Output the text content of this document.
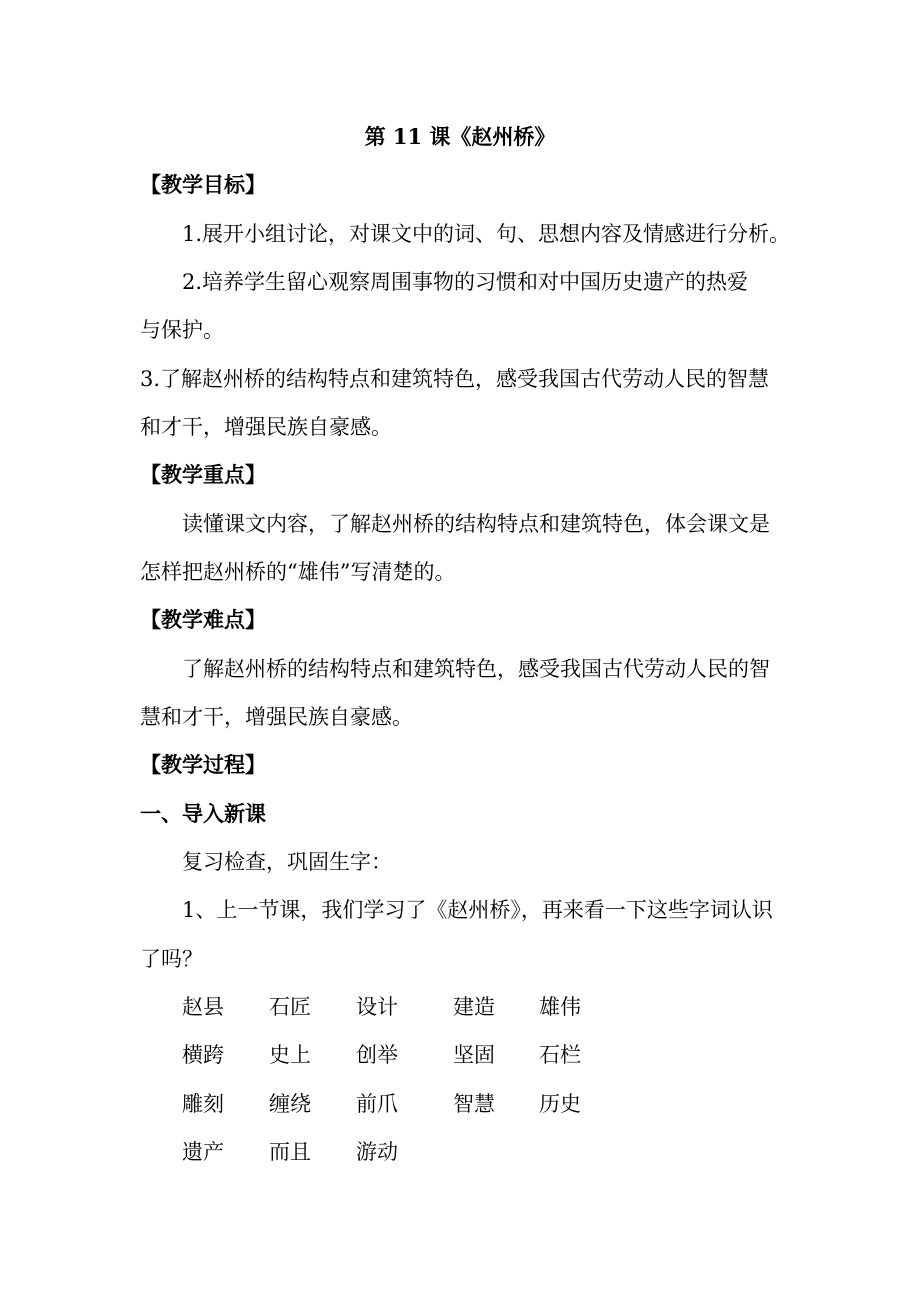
第 11 课《赵州桥》
【教学目标】
1.展开小组讨论，对课文中的词、句、思想内容及情感进行分析。
2.培养学生留心观察周围事物的习惯和对中国历史遗产的热爱
与保护。
3.了解赵州桥的结构特点和建筑特色，感受我国古代劳动人民的智慧
和才干，增强民族自豪感。
【教学重点】
读懂课文内容，了解赵州桥的结构特点和建筑特色，体会课文是
怎样把赵州桥的“雄伟”写清楚的。
【教学难点】
了解赵州桥的结构特点和建筑特色，感受我国古代劳动人民的智
慧和才干，增强民族自豪感。
【教学过程】
一、导入新课
复习检查，巩固生字：
1、上一节课，我们学习了《赵州桥》，再来看一下这些字词认识
了吗？
赵县 石匠 设计	建造 雄伟
横跨 史上 创举	坚固 石栏
雕刻 缠绕 前爪	智慧 历史
遗产 而且 游动
